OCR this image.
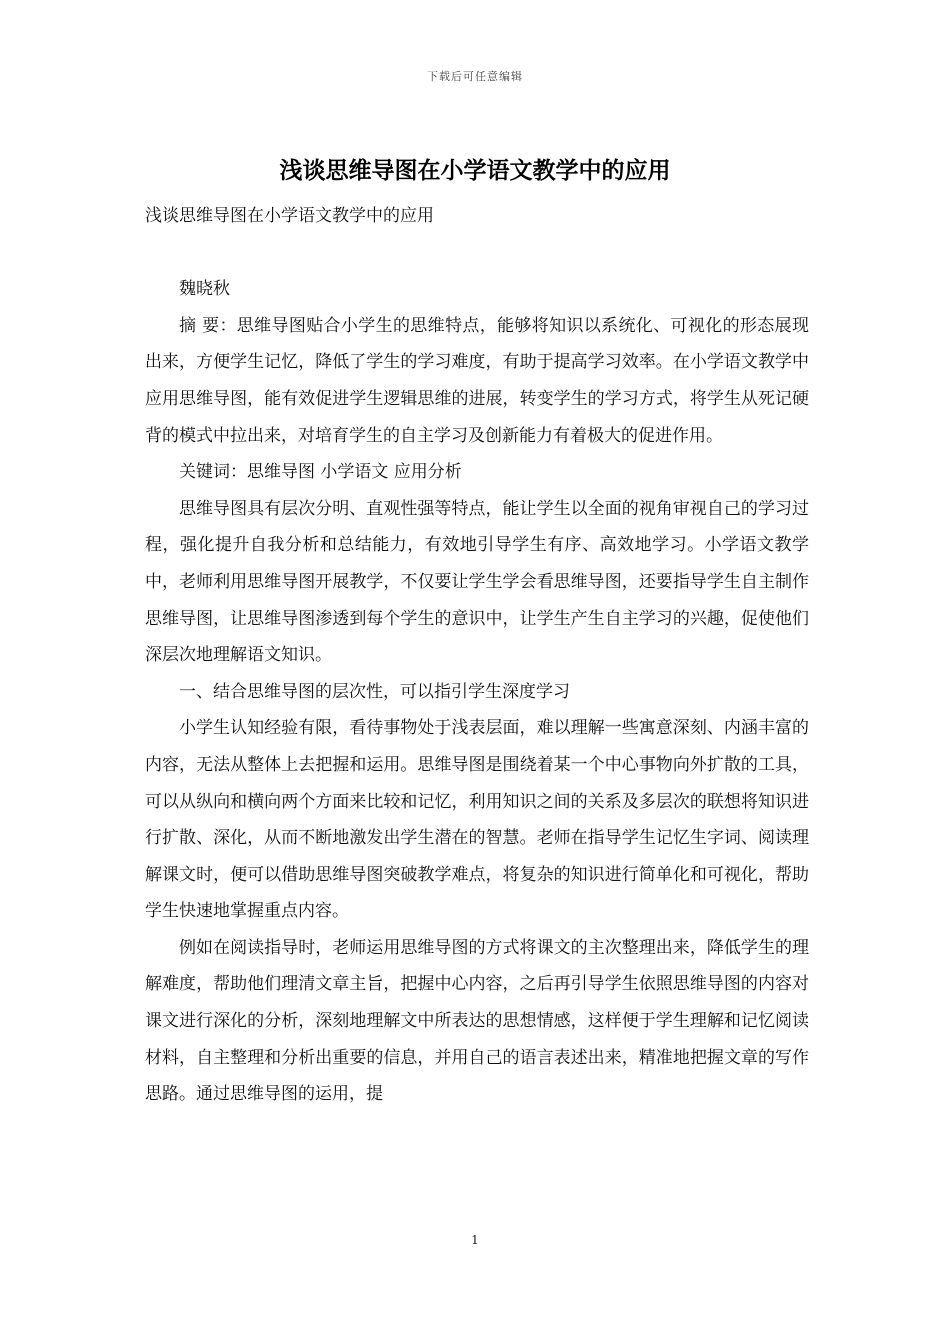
下载后可任意编辑
浅谈思维导图在小学语文教学中的应用

浅谈思维导图在小学语文教学中的应用

魏晓秋

摘 要：思维导图贴合小学生的思维特点，能够将知识以系统化、可视化的形态展现出来，方便学生记忆，降低了学生的学习难度，有助于提高学习效率。在小学语文教学中应用思维导图，能有效促进学生逻辑思维的进展，转变学生的学习方式，将学生从死记硬背的模式中拉出来，对培育学生的自主学习及创新能力有着极大的促进作用。

关键词：思维导图 小学语文 应用分析

思维导图具有层次分明、直观性强等特点，能让学生以全面的视角审视自己的学习过程，强化提升自我分析和总结能力，有效地引导学生有序、高效地学习。小学语文教学中，老师利用思维导图开展教学，不仅要让学生学会看思维导图，还要指导学生自主制作思维导图，让思维导图渗透到每个学生的意识中，让学生产生自主学习的兴趣，促使他们深层次地理解语文知识。

一、结合思维导图的层次性，可以指引学生深度学习

小学生认知经验有限，看待事物处于浅表层面，难以理解一些寓意深刻、内涵丰富的内容，无法从整体上去把握和运用。思维导图是围绕着某一个中心事物向外扩散的工具，可以从纵向和横向两个方面来比较和记忆，利用知识之间的关系及多层次的联想将知识进行扩散、深化，从而不断地激发出学生潜在的智慧。老师在指导学生记忆生字词、阅读理解课文时，便可以借助思维导图突破教学难点，将复杂的知识进行简单化和可视化，帮助学生快速地掌握重点内容。

例如在阅读指导时，老师运用思维导图的方式将课文的主次整理出来，降低学生的理解难度，帮助他们理清文章主旨，把握中心内容，之后再引导学生依照思维导图的内容对课文进行深化的分析，深刻地理解文中所表达的思想情感，这样便于学生理解和记忆阅读材料，自主整理和分析出重要的信息，并用自己的语言表述出来，精准地把握文章的写作思路。通过思维导图的运用，提

1
